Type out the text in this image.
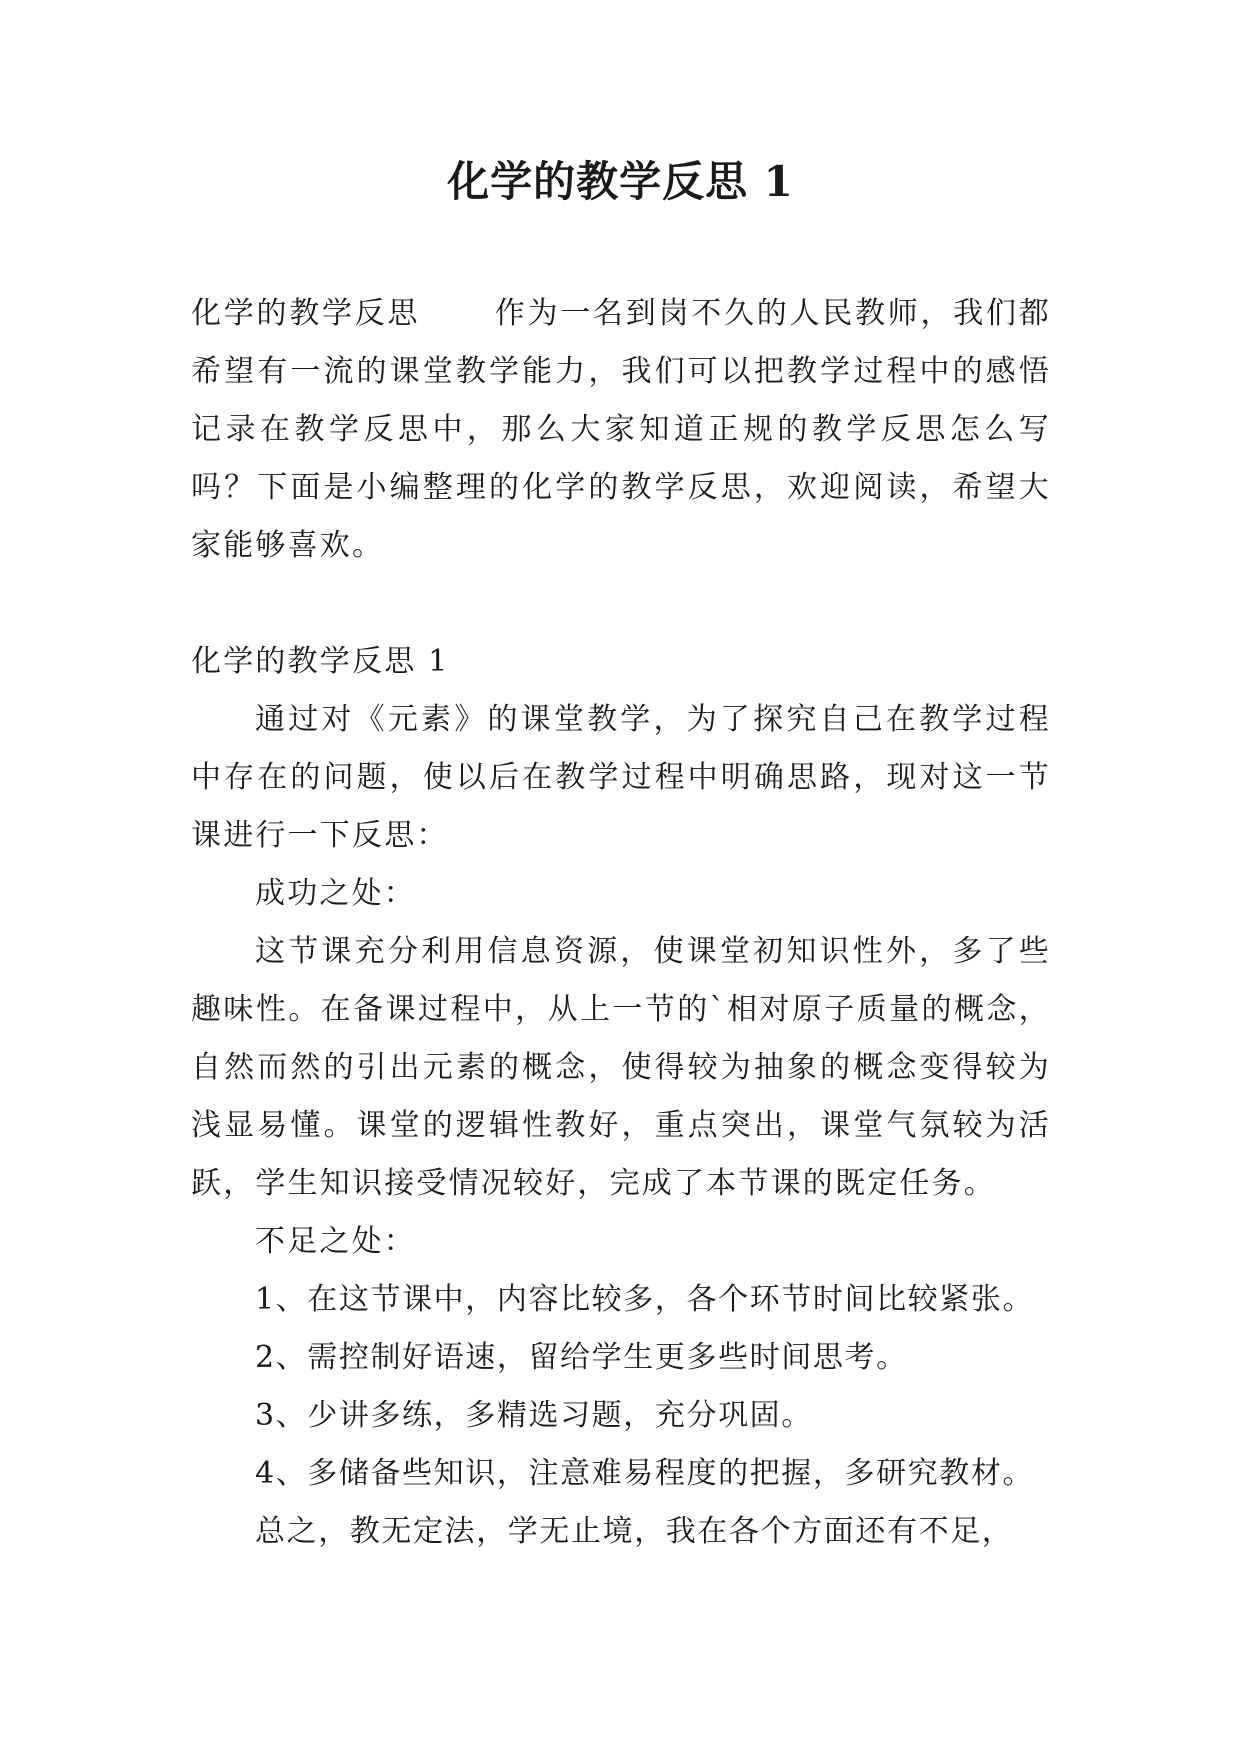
化学的教学反思 1

化学的教学反思 作为一名到岗不久的人民教师，我们都希望有一流的课堂教学能力，我们可以把教学过程中的感悟记录在教学反思中，那么大家知道正规的教学反思怎么写吗？下面是小编整理的化学的教学反思，欢迎阅读，希望大家能够喜欢。

化学的教学反思 1

通过对《元素》的课堂教学，为了探究自己在教学过程中存在的问题，使以后在教学过程中明确思路，现对这一节课进行一下反思：

成功之处：

这节课充分利用信息资源，使课堂初知识性外，多了些趣味性。在备课过程中，从上一节的`相对原子质量的概念，自然而然的引出元素的概念，使得较为抽象的概念变得较为浅显易懂。课堂的逻辑性教好，重点突出，课堂气氛较为活跃，学生知识接受情况较好，完成了本节课的既定任务。

不足之处：

1、在这节课中，内容比较多，各个环节时间比较紧张。

2、需控制好语速，留给学生更多些时间思考。

3、少讲多练，多精选习题，充分巩固。

4、多储备些知识，注意难易程度的把握，多研究教材。

总之，教无定法，学无止境，我在各个方面还有不足，
